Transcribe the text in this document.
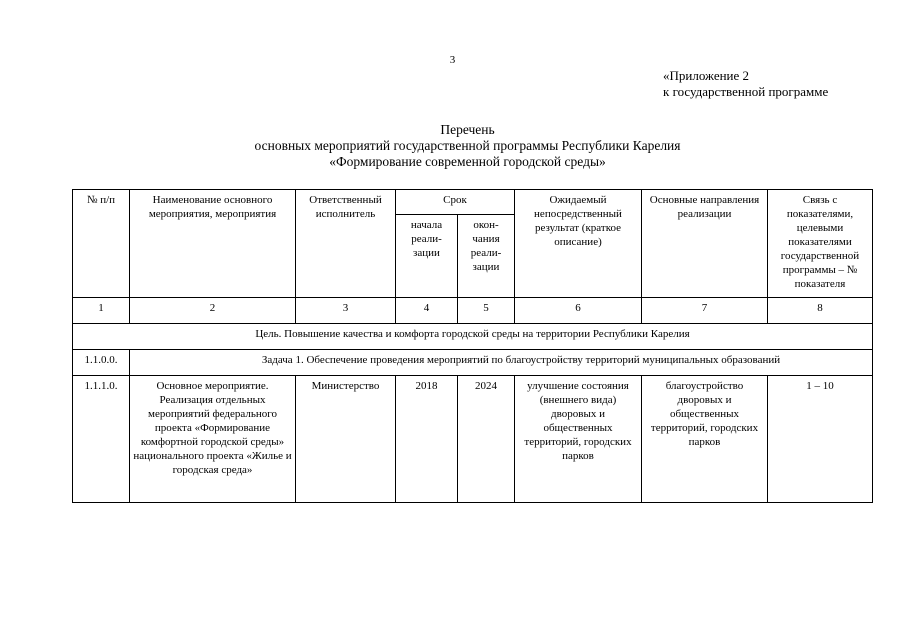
3
«Приложение 2
к государственной программе
Перечень
основных мероприятий государственной программы Республики Карелия
«Формирование современной городской среды»
№ п/п	Наименование основного мероприятия, мероприятия	Ответственный исполнитель	Срок		Ожидаемый непосредственный результат (краткое описание)	Основные направления реализации	Связь с показателями, целевыми показателями государственной программы – № показателя
			начала реали-зации	окон-чания реали-зации			
1	2	3	4	5	6	7	8
Цель. Повышение качества и комфорта городской среды на территории Республики Карелия							
1.1.0.0.	Задача 1. Обеспечение проведения мероприятий по благоустройству территорий муниципальных образований						
1.1.1.0.	Основное мероприятие. Реализация отдельных мероприятий федерального проекта «Формирование комфортной городской среды» национального проекта «Жилье и городская среда»	Министерство	2018	2024	улучшение состояния (внешнего вида) дворовых и общественных территорий, городских парков	благоустройство дворовых и общественных территорий, городских парков	1 – 10
